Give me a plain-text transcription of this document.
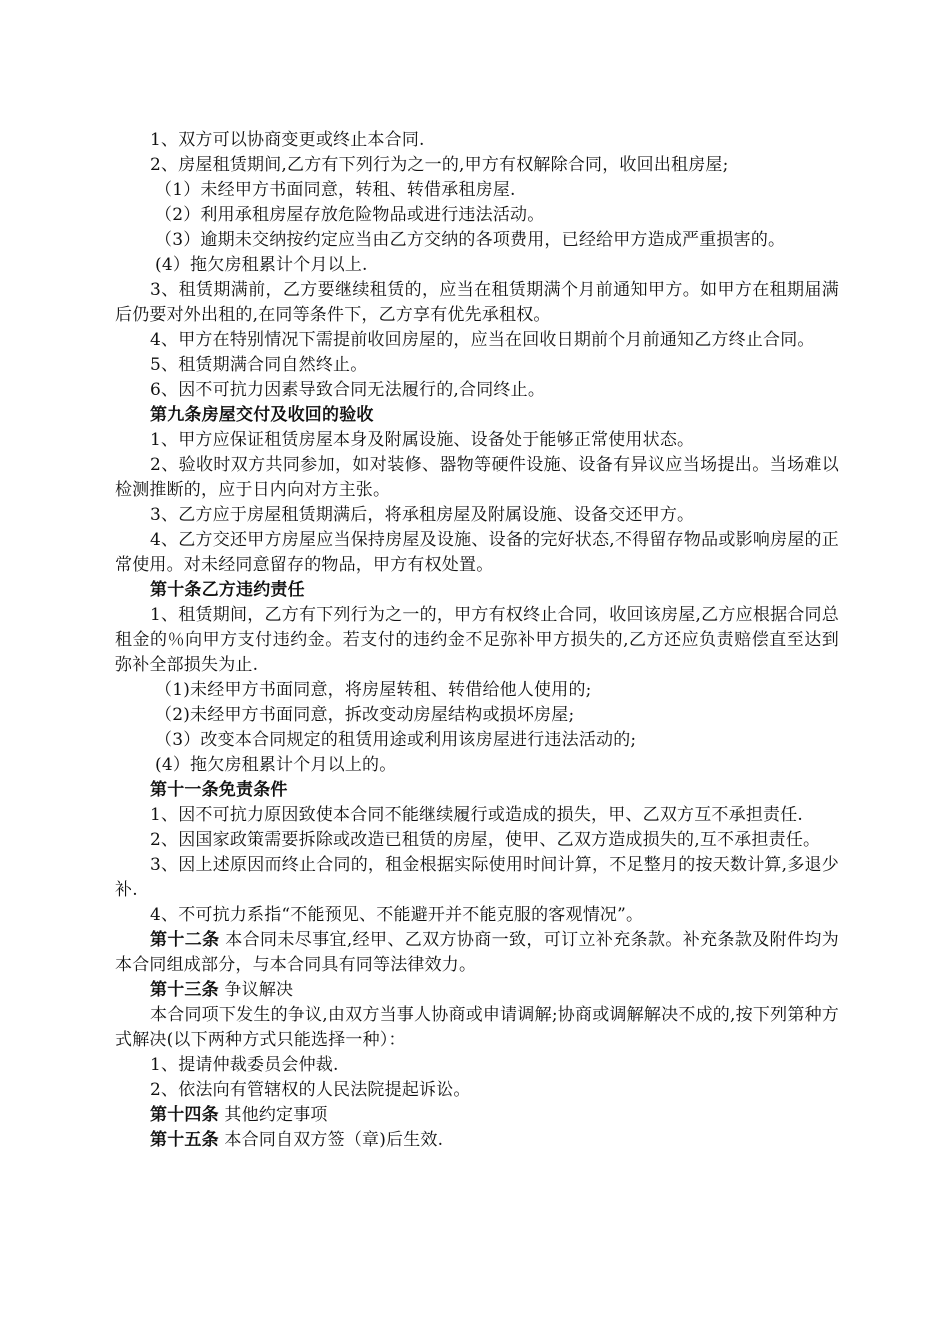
1、双方可以协商变更或终止本合同.

2、房屋租赁期间,乙方有下列行为之一的,甲方有权解除合同，收回出租房屋;

（1）未经甲方书面同意，转租、转借承租房屋.

（2）利用承租房屋存放危险物品或进行违法活动。

（3）逾期未交纳按约定应当由乙方交纳的各项费用，已经给甲方造成严重损害的。

(4）拖欠房租累计个月以上.

3、租赁期满前，乙方要继续租赁的，应当在租赁期满个月前通知甲方。如甲方在租期届满后仍要对外出租的,在同等条件下，乙方享有优先承租权。

4、甲方在特别情况下需提前收回房屋的，应当在回收日期前个月前通知乙方终止合同。

5、租赁期满合同自然终止。

6、因不可抗力因素导致合同无法履行的,合同终止。

第九条房屋交付及收回的验收

1、甲方应保证租赁房屋本身及附属设施、设备处于能够正常使用状态。

2、验收时双方共同参加，如对装修、器物等硬件设施、设备有异议应当场提出。当场难以检测推断的，应于日内向对方主张。

3、乙方应于房屋租赁期满后，将承租房屋及附属设施、设备交还甲方。

4、乙方交还甲方房屋应当保持房屋及设施、设备的完好状态,不得留存物品或影响房屋的正常使用。对未经同意留存的物品，甲方有权处置。

第十条乙方违约责任

1、租赁期间，乙方有下列行为之一的，甲方有权终止合同，收回该房屋,乙方应根据合同总租金的％向甲方支付违约金。若支付的违约金不足弥补甲方损失的,乙方还应负责赔偿直至达到弥补全部损失为止.

（1)未经甲方书面同意，将房屋转租、转借给他人使用的;

（2)未经甲方书面同意，拆改变动房屋结构或损坏房屋;

（3）改变本合同规定的租赁用途或利用该房屋进行违法活动的;

(4）拖欠房租累计个月以上的。

第十一条免责条件

1、因不可抗力原因致使本合同不能继续履行或造成的损失，甲、乙双方互不承担责任.

2、因国家政策需要拆除或改造已租赁的房屋，使甲、乙双方造成损失的,互不承担责任。

3、因上述原因而终止合同的，租金根据实际使用时间计算，不足整月的按天数计算,多退少补.

4、不可抗力系指“不能预见、不能避开并不能克服的客观情况”。

第十二条 本合同未尽事宜,经甲、乙双方协商一致，可订立补充条款。补充条款及附件均为本合同组成部分，与本合同具有同等法律效力。

第十三条 争议解决

本合同项下发生的争议,由双方当事人协商或申请调解;协商或调解解决不成的,按下列第种方式解决(以下两种方式只能选择一种）：

1、提请仲裁委员会仲裁.

2、依法向有管辖权的人民法院提起诉讼。

第十四条 其他约定事项

第十五条 本合同自双方签（章)后生效.
